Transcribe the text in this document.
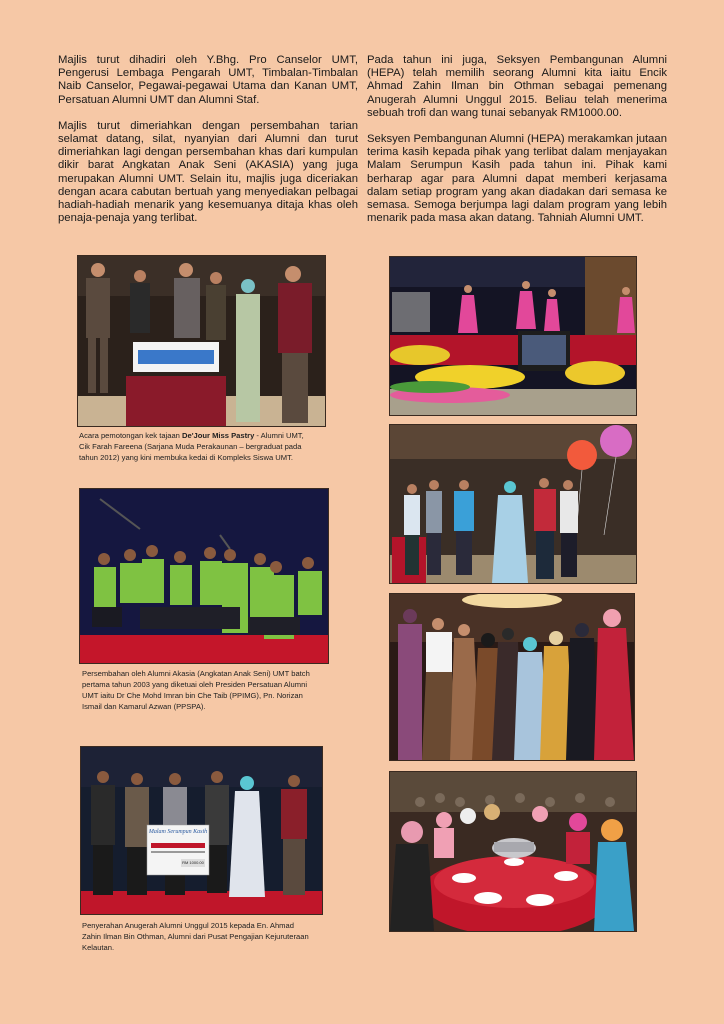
Majlis turut dihadiri oleh Y.Bhg. Pro Canselor UMT, Pengerusi Lembaga Pengarah UMT, Timbalan-Timbalan Naib Canselor, Pegawai-pegawai Utama dan Kanan UMT, Persatuan Alumni UMT dan Alumni Staf.

Majlis turut dimeriahkan dengan persembahan tarian selamat datang, silat, nyanyian dari Alumni dan turut dimeriahkan lagi dengan persembahan khas dari kumpulan dikir barat Angkatan Anak Seni (AKASIA) yang juga merupakan Alumni UMT. Selain itu, majlis juga diceriakan dengan acara cabutan bertuah yang menyediakan pelbagai hadiah-hadiah menarik yang kesemuanya ditaja khas oleh penaja-penaja yang terlibat.

Pada tahun ini juga, Seksyen Pembangunan Alumni (HEPA) telah memilih seorang Alumni kita iaitu Encik Ahmad Zahin Ilman bin Othman sebagai pemenang Anugerah Alumni Unggul 2015. Beliau telah menerima sebuah trofi dan wang tunai sebanyak RM1000.00.

Seksyen Pembangunan Alumni (HEPA) merakamkan jutaan terima kasih kepada pihak yang terlibat dalam menjayakan Malam Serumpun Kasih pada tahun ini. Pihak kami berharap agar para Alumni dapat memberi kerjasama dalam setiap program yang akan diadakan dari semasa ke semasa. Semoga berjumpa lagi dalam program yang lebih menarik pada masa akan datang. Tahniah Alumni UMT.

Acara pemotongan kek tajaan De'Jour Miss Pastry - Alumni UMT, Cik Farah Fareena (Sarjana Muda Perakaunan – bergraduat pada tahun 2012) yang kini membuka kedai di Kompleks Siswa UMT.
Persembahan oleh Alumni Akasia (Angkatan Anak Seni) UMT batch pertama tahun 2003 yang diketuai oleh Presiden Persatuan Alumni UMT iaitu Dr Che Mohd Imran bin Che Taib (PPIMG), Pn. Norizan Ismail dan Kamarul Azwan (PPSPA).
Malam Serumpun Kasih
RM 1000.00
Penyerahan Anugerah Alumni Unggul 2015 kepada En. Ahmad Zahin Ilman Bin Othman, Alumni dari Pusat Pengajian Kejuruteraan Kelautan.
